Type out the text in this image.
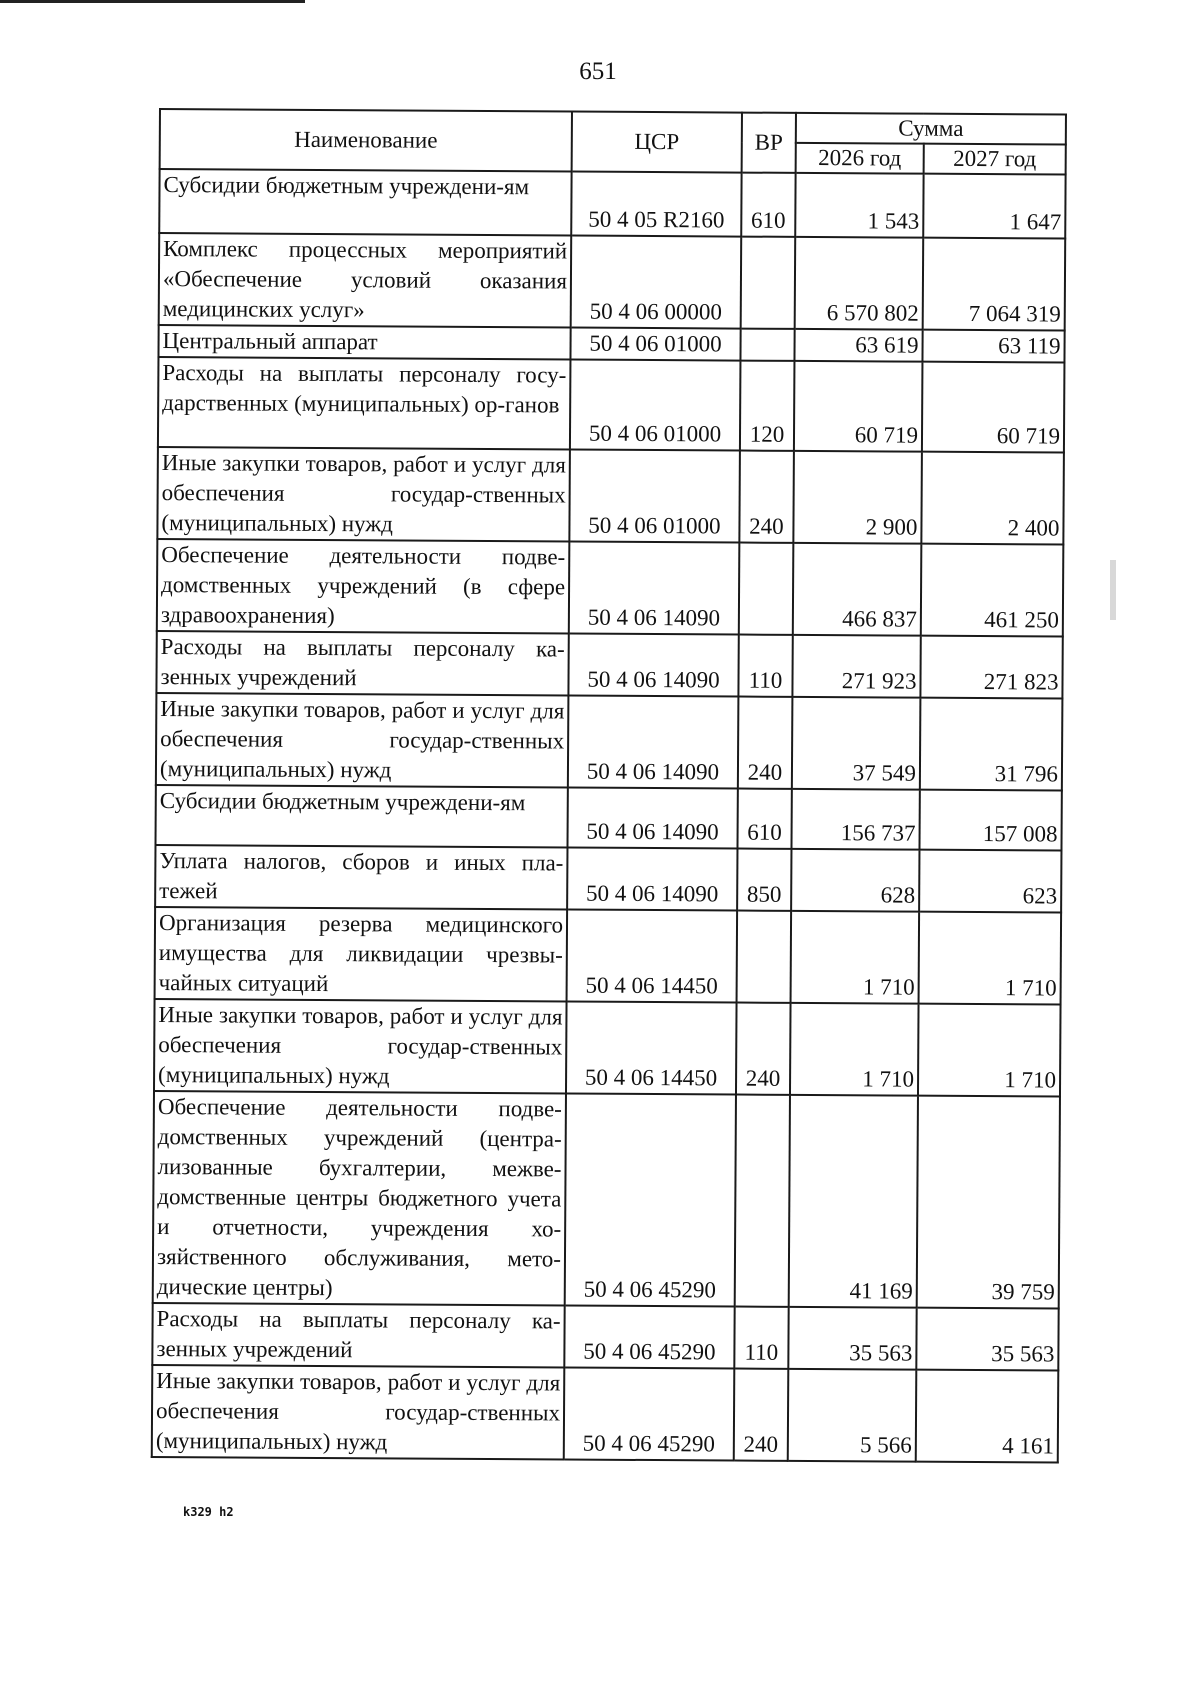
651
Наименование	ЦСР	ВР	Сумма	
			2026 год	2027 год
Субсидии бюджетным учреждени-ям	50 4 05 R2160	610	1 543	1 647
Комплекс процессных мероприятий «Обеспечение условий оказания медицинских услуг»	50 4 06 00000		6 570 802	7 064 319
Центральный аппарат	50 4 06 01000		63 619	63 119
Расходы на выплаты персоналу госу-дарственных (муниципальных) ор-ганов	50 4 06 01000	120	60 719	60 719
Иные закупки товаров, работ и услуг для обеспечения государ-ственных (муниципальных) нужд	50 4 06 01000	240	2 900	2 400
Обеспечение деятельности подве-домственных учреждений (в сфере здравоохранения)	50 4 06 14090		466 837	461 250
Расходы на выплаты персоналу ка-зенных учреждений	50 4 06 14090	110	271 923	271 823
Иные закупки товаров, работ и услуг для обеспечения государ-ственных (муниципальных) нужд	50 4 06 14090	240	37 549	31 796
Субсидии бюджетным учреждени-ям	50 4 06 14090	610	156 737	157 008
Уплата налогов, сборов и иных пла-тежей	50 4 06 14090	850	628	623
Организация резерва медицинского имущества для ликвидации чрезвы-чайных ситуаций	50 4 06 14450		1 710	1 710
Иные закупки товаров, работ и услуг для обеспечения государ-ственных (муниципальных) нужд	50 4 06 14450	240	1 710	1 710
Обеспечение деятельности подве-домственных учреждений (центра-лизованные бухгалтерии, межве-домственные центры бюджетного учета и отчетности, учреждения хо-зяйственного обслуживания, мето-дические центры)	50 4 06 45290		41 169	39 759
Расходы на выплаты персоналу ка-зенных учреждений	50 4 06 45290	110	35 563	35 563
Иные закупки товаров, работ и услуг для обеспечения государ-ственных (муниципальных) нужд	50 4 06 45290	240	5 566	4 161
k329 h2
